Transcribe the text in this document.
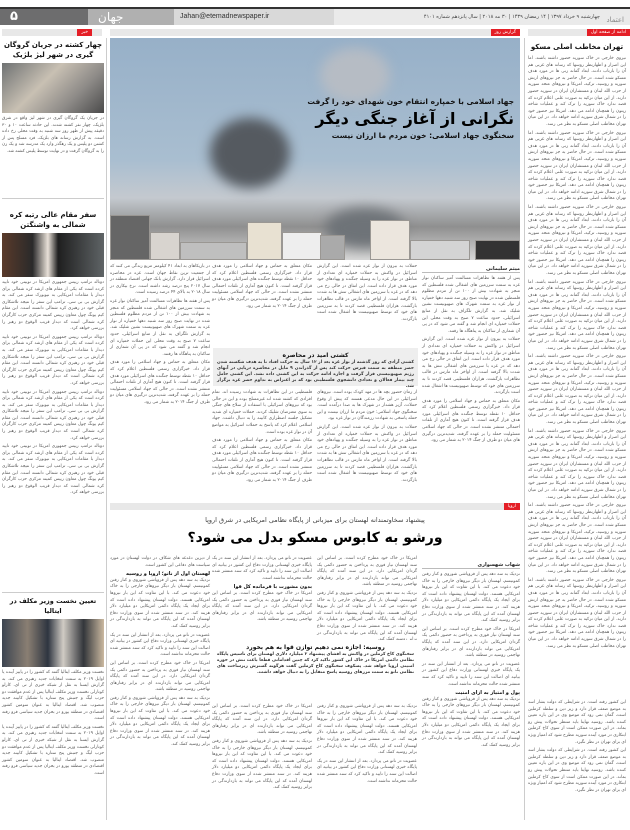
۵	جهان	Jahan@etemadnewspaper.ir	چهارشنبه ۹ خرداد ۱۳۹۷ | ۱۴ رمضان ۱۴۳۹ | ۳۰ مه ۲۰۱۸ | سال پانزدهم شماره ۴۱۰۱ اعتماد
ادامه از صفحه اول
گزارش روز
خبر
تهران مخاطب اصلی مسکو

نیروی خارجی در خاک سوریه حضور داشته باشند. اما این اصرار و اظهارنظر روسها که رسانه های غربی هم آن را بازتاب دادند، ابعاد گمانه زنی ها در مورد هدف مسکو شده است. در حال حاضر به جز نیروهای ارتش سوریه و روسیه، ترکیه، امریکا و نیروهای متحد سوریه از حزب الله لبنان و مستشاران ایران در سوریه حضور دارند. از این میان ترکیه به صورت علنی اعلام کرده که قصد ندارد خاک سوریه را ترک کند و عملیات شاخه زیتون را همچنان ادامه می دهد. امریکا نیز حضور خود را در شمال شرق سوریه ادامه خواهد داد. در این میان تهران مخاطب اصلی مسکو به نظر می رسد.

نیروی خارجی در خاک سوریه حضور داشته باشند. اما این اصرار و اظهارنظر روسها که رسانه های غربی هم آن را بازتاب دادند، ابعاد گمانه زنی ها در مورد هدف مسکو شده است. در حال حاضر به جز نیروهای ارتش سوریه و روسیه، ترکیه، امریکا و نیروهای متحد سوریه از حزب الله لبنان و مستشاران ایران در سوریه حضور دارند. از این میان ترکیه به صورت علنی اعلام کرده که قصد ندارد خاک سوریه را ترک کند و عملیات شاخه زیتون را همچنان ادامه می دهد. امریکا نیز حضور خود را در شمال شرق سوریه ادامه خواهد داد. در این میان تهران مخاطب اصلی مسکو به نظر می رسد.

نیروی خارجی در خاک سوریه حضور داشته باشند. اما این اصرار و اظهارنظر روسها که رسانه های غربی هم آن را بازتاب دادند، ابعاد گمانه زنی ها در مورد هدف مسکو شده است. در حال حاضر به جز نیروهای ارتش سوریه و روسیه، ترکیه، امریکا و نیروهای متحد سوریه از حزب الله لبنان و مستشاران ایران در سوریه حضور دارند. از این میان ترکیه به صورت علنی اعلام کرده که قصد ندارد خاک سوریه را ترک کند و عملیات شاخه زیتون را همچنان ادامه می دهد. امریکا نیز حضور خود را در شمال شرق سوریه ادامه خواهد داد. در این میان تهران مخاطب اصلی مسکو به نظر می رسد.

نیروی خارجی در خاک سوریه حضور داشته باشند. اما این اصرار و اظهارنظر روسها که رسانه های غربی هم آن را بازتاب دادند، ابعاد گمانه زنی ها در مورد هدف مسکو شده است. در حال حاضر به جز نیروهای ارتش سوریه و روسیه، ترکیه، امریکا و نیروهای متحد سوریه از حزب الله لبنان و مستشاران ایران در سوریه حضور دارند. از این میان ترکیه به صورت علنی اعلام کرده که قصد ندارد خاک سوریه را ترک کند و عملیات شاخه زیتون را همچنان ادامه می دهد. امریکا نیز حضور خود را در شمال شرق سوریه ادامه خواهد داد. در این میان تهران مخاطب اصلی مسکو به نظر می رسد.

نیروی خارجی در خاک سوریه حضور داشته باشند. اما این اصرار و اظهارنظر روسها که رسانه های غربی هم آن را بازتاب دادند، ابعاد گمانه زنی ها در مورد هدف مسکو شده است. در حال حاضر به جز نیروهای ارتش سوریه و روسیه، ترکیه، امریکا و نیروهای متحد سوریه از حزب الله لبنان و مستشاران ایران در سوریه حضور دارند. از این میان ترکیه به صورت علنی اعلام کرده که قصد ندارد خاک سوریه را ترک کند و عملیات شاخه زیتون را همچنان ادامه می دهد. امریکا نیز حضور خود را در شمال شرق سوریه ادامه خواهد داد. در این میان تهران مخاطب اصلی مسکو به نظر می رسد.

نیروی خارجی در خاک سوریه حضور داشته باشند. اما این اصرار و اظهارنظر روسها که رسانه های غربی هم آن را بازتاب دادند، ابعاد گمانه زنی ها در مورد هدف مسکو شده است. در حال حاضر به جز نیروهای ارتش سوریه و روسیه، ترکیه، امریکا و نیروهای متحد سوریه از حزب الله لبنان و مستشاران ایران در سوریه حضور دارند. از این میان ترکیه به صورت علنی اعلام کرده که قصد ندارد خاک سوریه را ترک کند و عملیات شاخه زیتون را همچنان ادامه می دهد. امریکا نیز حضور خود را در شمال شرق سوریه ادامه خواهد داد. در این میان تهران مخاطب اصلی مسکو به نظر می رسد.

نیروی خارجی در خاک سوریه حضور داشته باشند. اما این اصرار و اظهارنظر روسها که رسانه های غربی هم آن را بازتاب دادند، ابعاد گمانه زنی ها در مورد هدف مسکو شده است. در حال حاضر به جز نیروهای ارتش سوریه و روسیه، ترکیه، امریکا و نیروهای متحد سوریه از حزب الله لبنان و مستشاران ایران در سوریه حضور دارند. از این میان ترکیه به صورت علنی اعلام کرده که قصد ندارد خاک سوریه را ترک کند و عملیات شاخه زیتون را همچنان ادامه می دهد. امریکا نیز حضور خود را در شمال شرق سوریه ادامه خواهد داد. در این میان تهران مخاطب اصلی مسکو به نظر می رسد.

نیروی خارجی در خاک سوریه حضور داشته باشند. اما این اصرار و اظهارنظر روسها که رسانه های غربی هم آن را بازتاب دادند، ابعاد گمانه زنی ها در مورد هدف مسکو شده است. در حال حاضر به جز نیروهای ارتش سوریه و روسیه، ترکیه، امریکا و نیروهای متحد سوریه از حزب الله لبنان و مستشاران ایران در سوریه حضور دارند. از این میان ترکیه به صورت علنی اعلام کرده که قصد ندارد خاک سوریه را ترک کند و عملیات شاخه زیتون را همچنان ادامه می دهد. امریکا نیز حضور خود را در شمال شرق سوریه ادامه خواهد داد. در این میان تهران مخاطب اصلی مسکو به نظر می رسد.

جهاد اسلامی با خمپاره انتقام خون شهدای خود را گرفت
نگرانی از آغاز جنگی دیگر
سخنگوی جهاد اسلامی: خون مردم ما ارزان نیست
میثم سلیمانی

پس از هفته ها تظاهرات مسالمت آمیز ساکنان نوار غزه به سمت سرزمین های اشغالی شده فلسطین که منجر به شهادت بیش از ۱۰۰ تن از مردم مظلوم فلسطین شده در نهایت صبح روز سه شنبه دهها خمپاره از نوار غزه به سمت شهرک های صهیونیست نشین شلیک شد. به گزارش تلگراف به نقل از منابع اسرائیلی، حدود ساعت ۷ صبح به وقت محلی این حملات خمپاره ای انجام شد و گفته می شود که در پی آن شماری از ساکنان به پناهگاه ها رفتند.

حملات به بیرون از نوار غزه شده است. این گزارش اسرائیل در واکنش به حملات خمپاره ای تعدادی از مناطق در نوار غزه را به وسیله جنگنده و پهپادهای خود مورد هدف قرار داده است. این اتفاق در حالی رخ می دهد که در غزه با سرزمین های اشغالی تنش ها به شدت بالا گرفته است. از اواخر ماه مارس در قالب تظاهرات بازگشت، هزاران فلسطینی قصد کردند تا به سرزمین های خود که توسط صهیونیست ها اشغال شده است بازگردند.

مکان متعلق به حماس و جهاد اسلامی را مورد هدف قرار داد. خبرگزاری رسمی فلسطین اعلام کرد که حداقل ۱۰ نقطه توسط جنگنده های اسرائیلی مورد هدف قرار گرفته است. تا کنون هیچ آماری از تلفات احتمالی منتشر نشده است. در حالی که جهاد اسلامی مسئولیت حمله را بر عهده گرفته، شدیدترین درگیری های میان دو طرف از جنگ ۲۰۱۴ به شمار می رود.

حملات به بیرون از نوار غزه شده است. این گزارش اسرائیل در واکنش به حملات خمپاره ای تعدادی از مناطق در نوار غزه را به وسیله جنگنده و پهپادهای خود مورد هدف قرار داده است. این اتفاق در حالی رخ می دهد که در غزه با سرزمین های اشغالی تنش ها به شدت بالا گرفته است. از اواخر ماه مارس در قالب تظاهرات بازگشت، هزاران فلسطینی قصد کردند تا به سرزمین های خود که توسط صهیونیست ها اشغال شده است بازگردند.

مکان متعلق به حماس و جهاد اسلامی را مورد هدف قرار داد. خبرگزاری رسمی فلسطین اعلام کرد که حداقل ۱۰ نقطه توسط جنگنده های اسرائیلی مورد هدف قرار گرفته است. تا کنون هیچ آماری از تلفات احتمالی منتشر نشده است. در حالی که جهاد اسلامی مسئولیت حمله را بر عهده گرفته، شدیدترین درگیری های میان دو طرف از جنگ ۲۰۱۴ به شمار می رود.

در بازیکاهای به ابعاد ۴۱ کیلومتر مربع زندگی می کنند که از جمعیت ترین نقاط جهان است. غزه در محاصره اسرائیل قرار دارد. گزارش بانک جهانی اقتصاد منطقه در سال ۲۰۱۷ پنج درصد رشد داشته است. نرخ بیکاری در سال ۲۰۱۸ به بالای ۴۴ درصد رسیده است.

پس از هفته ها تظاهرات مسالمت آمیز ساکنان نوار غزه به سمت سرزمین های اشغالی شده فلسطین که منجر به شهادت بیش از ۱۰۰ تن از مردم مظلوم فلسطین شده در نهایت صبح روز سه شنبه دهها خمپاره از نوار غزه به سمت شهرک های صهیونیست نشین شلیک شد. به گزارش تلگراف به نقل از منابع اسرائیلی، حدود ساعت ۷ صبح به وقت محلی این حملات خمپاره ای انجام شد و گفته می شود که در پی آن شماری از ساکنان به پناهگاه ها رفتند.

مکان متعلق به حماس و جهاد اسلامی را مورد هدف قرار داد. خبرگزاری رسمی فلسطین اعلام کرد که حداقل ۱۰ نقطه توسط جنگنده های اسرائیلی مورد هدف قرار گرفته است. تا کنون هیچ آماری از تلفات احتمالی منتشر نشده است. در حالی که جهاد اسلامی مسئولیت حمله را بر عهده گرفته، شدیدترین درگیری های میان دو طرف از جنگ ۲۰۱۴ به شمار می رود.

کشتی امید در محاصره
کشتی آزادی که روز گذشته از نوار غزه بعد از ۱۲ سال به حرکت افتاد تا به هدف شکسته شدن حصر منطقه به سمت قبرس حرکت کند پس از گذراندن ۹ مایل در محاصره دریایی در آبهای رژیم صهیونیستی قرار گرفت و اجازه ادامه حرکت به این کشتی داده نشد. این کشتی حامل چند بیمار فعالان و تعدادی دانشجوی فلسطینی بود که بر اعتراض به تداوم حصر غزه برگزار شد.

از زمان حضور بچه ها در مهد کودک بوده است. نیروهای اسرائیلی در این حال مدعی هستند که پیش از وقوع حملات، آژیر هشدار در شهرک ها به صدا درآمده است. سخنگوی جهاد اسلامی: خون مردم ما ارزان نیست و این حمله پاسخی به شهادت رزمندگان در نوار غزه بود.

حملات به بیرون از نوار غزه شده است. این گزارش اسرائیل در واکنش به حملات خمپاره ای تعدادی از مناطق در نوار غزه را به وسیله جنگنده و پهپادهای خود مورد هدف قرار داده است. این اتفاق در حالی رخ می دهد که در غزه با سرزمین های اشغالی تنش ها به شدت بالا گرفته است. از اواخر ماه مارس در قالب تظاهرات بازگشت، هزاران فلسطینی قصد کردند تا به سرزمین های خود که توسط صهیونیست ها اشغال شده است بازگردند.

فلسطینی در این تظاهرات به شهادت رسیده اند. تمام افرادی که کشته شده اند غیرمسلح بوده و این در حالی بود که نیروهای اسرائیلی با استفاده از سلاح های جنگی به سوی معترضان شلیک کردند. حملات خمپاره ای شدید تشکیل جلسه اضطراری کابینه را به دنبال داشت. جهاد اسلامی اعلام کرد که پاسخ به حملات اسرائیل به مواضع آن در نوار غزه بوده است.

مکان متعلق به حماس و جهاد اسلامی را مورد هدف قرار داد. خبرگزاری رسمی فلسطین اعلام کرد که حداقل ۱۰ نقطه توسط جنگنده های اسرائیلی مورد هدف قرار گرفته است. تا کنون هیچ آماری از تلفات احتمالی منتشر نشده است. در حالی که جهاد اسلامی مسئولیت حمله را بر عهده گرفته، شدیدترین درگیری های میان دو طرف از جنگ ۲۰۱۴ به شمار می رود.

اروپا
پیشنهاد سخاوتمندانه لهستان برای میزبانی از پایگاه نظامی امریکایی در شرق اروپا
ورشو به کابوس مسکو بدل می شود؟
شهاب شهسواری

نزدیک به سه دهه پس از فروپاشی شوروی و کنار رفتن کمونیسم، لهستان بار دیگر نیروهای خارجی را به خاک خود دعوت می کند. با این تفاوت که این بار نیروها امریکایی هستند. دولت لهستان پیشنهاد داده است که برای ایجاد یک پایگاه دائمی امریکایی دو میلیارد دلار هزینه کند. در سند منتشر شده از سوی وزارت دفاع لهستان آمده که این پایگاه می تواند به بازدارندگی در برابر روسیه کمک کند.

امریکا در خاک خود مطرح کرده است. بر اساس این سند لهستان نیاز فوری به پرداختن به حضور دائمی یک گردان امریکایی دارد. در این سند آمده که پایگاه امریکایی می تواند بازدارنده ای در برابر رفتارهای تهاجمی روسیه در منطقه باشد.

عضویت در ناتو می پردازد. بعد از انتشار این سند در یک پایگاه خبری لهستانی وزارت دفاع این کشور در بیانیه ای اصالت این سند را تایید و تاکید کرد که سند منتشر شده حالت محرمانه نداشته است.

پول و امتیاز به ازای امنیت

نزدیک به سه دهه پس از فروپاشی شوروی و کنار رفتن کمونیسم، لهستان بار دیگر نیروهای خارجی را به خاک خود دعوت می کند. با این تفاوت که این بار نیروها امریکایی هستند. دولت لهستان پیشنهاد داده است که برای ایجاد یک پایگاه دائمی امریکایی دو میلیارد دلار هزینه کند. در سند منتشر شده از سوی وزارت دفاع لهستان آمده که این پایگاه می تواند به بازدارندگی در برابر روسیه کمک کند.

امریکا در خاک خود مطرح کرده است. بر اساس این سند لهستان نیاز فوری به پرداختن به حضور دائمی یک گردان امریکایی دارد. در این سند آمده که پایگاه امریکایی می تواند بازدارنده ای در برابر رفتارهای تهاجمی روسیه در منطقه باشد.

نزدیک به سه دهه پس از فروپاشی شوروی و کنار رفتن کمونیسم، لهستان بار دیگر نیروهای خارجی را به خاک خود دعوت می کند. با این تفاوت که این بار نیروها امریکایی هستند. دولت لهستان پیشنهاد داده است که برای ایجاد یک پایگاه دائمی امریکایی دو میلیارد دلار هزینه کند. در سند منتشر شده از سوی وزارت دفاع لهستان آمده که این پایگاه می تواند به بازدارندگی در

عضویت در ناتو می پردازد. بعد از انتشار این سند در یک پایگاه خبری لهستانی وزارت دفاع این کشور در بیانیه ای اصالت این سند را تایید و تاکید کرد که سند منتشر شده حالت محرمانه نداشته است.

بدون مشورت با فرمانده کل قوا

امریکا در خاک خود مطرح کرده است. بر اساس این سند لهستان نیاز فوری به پرداختن به حضور دائمی یک گردان امریکایی دارد. در این سند آمده که پایگاه امریکایی می تواند بازدارنده ای در برابر رفتارهای تهاجمی روسیه در منطقه باشد.

از دیرین دغدغه های شکاف در دولت لهستان در مورد سیاست های دفاعی این کشور است.

لهستان اول از ناتو؛ اروپا و روسیه

نزدیک به سه دهه پس از فروپاشی شوروی و کنار رفتن کمونیسم، لهستان بار دیگر نیروهای خارجی را به خاک خود دعوت می کند. با این تفاوت که این بار نیروها امریکایی هستند. دولت لهستان پیشنهاد داده است که برای ایجاد یک پایگاه دائمی امریکایی دو میلیارد دلار هزینه کند. در سند منتشر شده از سوی وزارت دفاع لهستان آمده که این پایگاه می تواند به بازدارندگی در برابر روسیه کمک کند.

عضویت در ناتو می پردازد. بعد از انتشار این سند در یک پایگاه خبری لهستانی وزارت دفاع این کشور در بیانیه ای اصالت این سند را تایید و تاکید کرد که سند منتشر شده حالت محرمانه نداشته است.

امریکا در خاک خود مطرح کرده است. بر اساس این سند لهستان نیاز فوری به پرداختن به حضور دائمی یک گردان امریکایی دارد. در این سند آمده که پایگاه امریکایی می تواند بازدارنده ای در برابر رفتارهای تهاجمی روسیه در منطقه باشد.

نزدیک به سه دهه پس از فروپاشی شوروی و کنار رفتن کمونیسم، لهستان بار دیگر نیروهای خارجی را به خاک خود دعوت می کند. با این تفاوت که این بار نیروها امریکایی هستند. دولت لهستان پیشنهاد داده است که برای ایجاد یک پایگاه دائمی امریکایی دو میلیارد دلار هزینه کند. در سند منتشر شده از سوی وزارت دفاع لهستان آمده که این پایگاه می تواند به بازدارندگی در برابر روسیه کمک کند.

روسیه: اجازه نمی دهیم توازن قوا به هم بخورد
سخنگوی کاخ کرملین در واکنش به افشای پیشنهاد ۲ میلیارد دلاری لهستان برای تاسیس پایگاه نظامی دائمی امریکا در خاک این کشور تاکید کرد که چنین اقداماتی قطعا باعث تنش در حوزه امنیتی اروپا خواهد شد. پسکوف سخنگوی کاخ کرملین گفت هرگونه گسترش زیرساخت های نظامی ناتو به سمت مرزهای روسیه پاسخ متقابل را به دنبال خواهد داشت.

نزدیک به سه دهه پس از فروپاشی شوروی و کنار رفتن کمونیسم، لهستان بار دیگر نیروهای خارجی را به خاک خود دعوت می کند. با این تفاوت که این بار نیروها امریکایی هستند. دولت لهستان پیشنهاد داده است که برای ایجاد یک پایگاه دائمی امریکایی دو میلیارد دلار هزینه کند. در سند منتشر شده از سوی وزارت دفاع لهستان آمده که این پایگاه می تواند به بازدارندگی در برابر روسیه کمک کند.

عضویت در ناتو می پردازد. بعد از انتشار این سند در یک پایگاه خبری لهستانی وزارت دفاع این کشور در بیانیه ای اصالت این سند را تایید و تاکید کرد که سند منتشر شده حالت محرمانه نداشته است.

امریکا در خاک خود مطرح کرده است. بر اساس این سند لهستان نیاز فوری به پرداختن به حضور دائمی یک گردان امریکایی دارد. در این سند آمده که پایگاه امریکایی می تواند بازدارنده ای در برابر رفتارهای تهاجمی روسیه در منطقه باشد.

نزدیک به سه دهه پس از فروپاشی شوروی و کنار رفتن کمونیسم، لهستان بار دیگر نیروهای خارجی را به خاک خود دعوت می کند. با این تفاوت که این بار نیروها امریکایی هستند. دولت لهستان پیشنهاد داده است که برای ایجاد یک پایگاه دائمی امریکایی دو میلیارد دلار هزینه کند. در سند منتشر شده از سوی وزارت دفاع لهستان آمده که این پایگاه می تواند به بازدارندگی در برابر روسیه کمک کند.

چهار کشته در جریان گروگان گیری در شهر لیژ بلژیک
در جریان یک گروگان گیری در شهر لیژ واقع در شرق بلژیک، چهار نفر کشته شدند. این حادثه ساعت ۱۰ و ۳۰ دقیقه پیش از ظهر روز سه شنبه به وقت محلی رخ داده است. به گزارش رسانه های بلژیک، فرد مسلح پس از کشتن دو پلیس و یک رهگذر وارد یک مدرسه شد و یک زن را به گروگان گرفت و در نهایت توسط پلیس کشته شد.
سفر مقام عالی رتبه کره شمالی به واشنگتن

دونالد ترامپ رییس جمهوری امریکا در توییتی خود تایید کرده است که یکی از مقام های ارشد کره شمالی برای دیدار با مقامات امریکایی به نیویورک سفر می کند. به گزارش بی بی سی، ترامپ این سفر را نتیجه تلاشکاری قبلی خود در رهبری کره شمالی دانسته است. این مقام کیم یونگ چول معاون رییس کمیته مرکزی حزب کارگران کره شمالی است که دیدار قریب الوقوع دو رهبر را بررسی خواهد کرد.

دونالد ترامپ رییس جمهوری امریکا در توییتی خود تایید کرده است که یکی از مقام های ارشد کره شمالی برای دیدار با مقامات امریکایی به نیویورک سفر می کند. به گزارش بی بی سی، ترامپ این سفر را نتیجه تلاشکاری قبلی خود در رهبری کره شمالی دانسته است. این مقام کیم یونگ چول معاون رییس کمیته مرکزی حزب کارگران کره شمالی است که دیدار قریب الوقوع دو رهبر را بررسی خواهد کرد.

دونالد ترامپ رییس جمهوری امریکا در توییتی خود تایید کرده است که یکی از مقام های ارشد کره شمالی برای دیدار با مقامات امریکایی به نیویورک سفر می کند. به گزارش بی بی سی، ترامپ این سفر را نتیجه تلاشکاری قبلی خود در رهبری کره شمالی دانسته است. این مقام کیم یونگ چول معاون رییس کمیته مرکزی حزب کارگران کره شمالی است که دیدار قریب الوقوع دو رهبر را بررسی خواهد کرد.

دونالد ترامپ رییس جمهوری امریکا در توییتی خود تایید کرده است که یکی از مقام های ارشد کره شمالی برای دیدار با مقامات امریکایی به نیویورک سفر می کند. به گزارش بی بی سی، ترامپ این سفر را نتیجه تلاشکاری قبلی خود در رهبری کره شمالی دانسته است. این مقام کیم یونگ چول معاون رییس کمیته مرکزی حزب کارگران کره شمالی است که دیدار قریب الوقوع دو رهبر را بررسی خواهد کرد.

تعیین نخست وزیر مکلف در ایتالیا

نخست وزیر مکلف ایتالیا گفته که کشور را در پاییز آینده یا اوایل ۲۰۱۹ به سمت انتخابات جدید رهبری می کند. به گزارش ایسنا به نقل از شبکه خبری ار تی ای، کارلو کوتارلی نخست وزیر مکلف ایتالیا پس از عدم موافقت دو حزب لیگ و جنبش پنج ستاره با تشکیل کابینه جدید منصوب شد. اقتصاد ایتالیا به عنوان سومین کشور اقتصادی در منطقه یورو در بحران جدید سیاسی فرو رفته است.

نخست وزیر مکلف ایتالیا گفته که کشور را در پاییز آینده یا اوایل ۲۰۱۹ به سمت انتخابات جدید رهبری می کند. به گزارش ایسنا به نقل از شبکه خبری ار تی ای، کارلو کوتارلی نخست وزیر مکلف ایتالیا پس از عدم موافقت دو حزب لیگ و جنبش پنج ستاره با تشکیل کابینه جدید منصوب شد. اقتصاد ایتالیا به عنوان سومین کشور اقتصادی در منطقه یورو در بحران جدید سیاسی فرو رفته است.

این کشور رفته است. در شرایطی که دولت بشار اسد به موضع ضعف قرار دارد و زیر دین و سلطه کرملین است، گمان نمی رود که موضع وی در این باره تعیین کننده باشد. روسیه نهایتا باید منتظر تحولات پیش رو بماند. در این صورت ممکن است از سوی کاخ کرملین ابتکاری در مورد آینده سوریه مطرح شود که امتیاز ویژه ای برای تهران در نظر نگیرد.

این کشور رفته است. در شرایطی که دولت بشار اسد به موضع ضعف قرار دارد و زیر دین و سلطه کرملین است، گمان نمی رود که موضع وی در این باره تعیین کننده باشد. روسیه نهایتا باید منتظر تحولات پیش رو بماند. در این صورت ممکن است از سوی کاخ کرملین ابتکاری در مورد آینده سوریه مطرح شود که امتیاز ویژه ای برای تهران در نظر نگیرد.
